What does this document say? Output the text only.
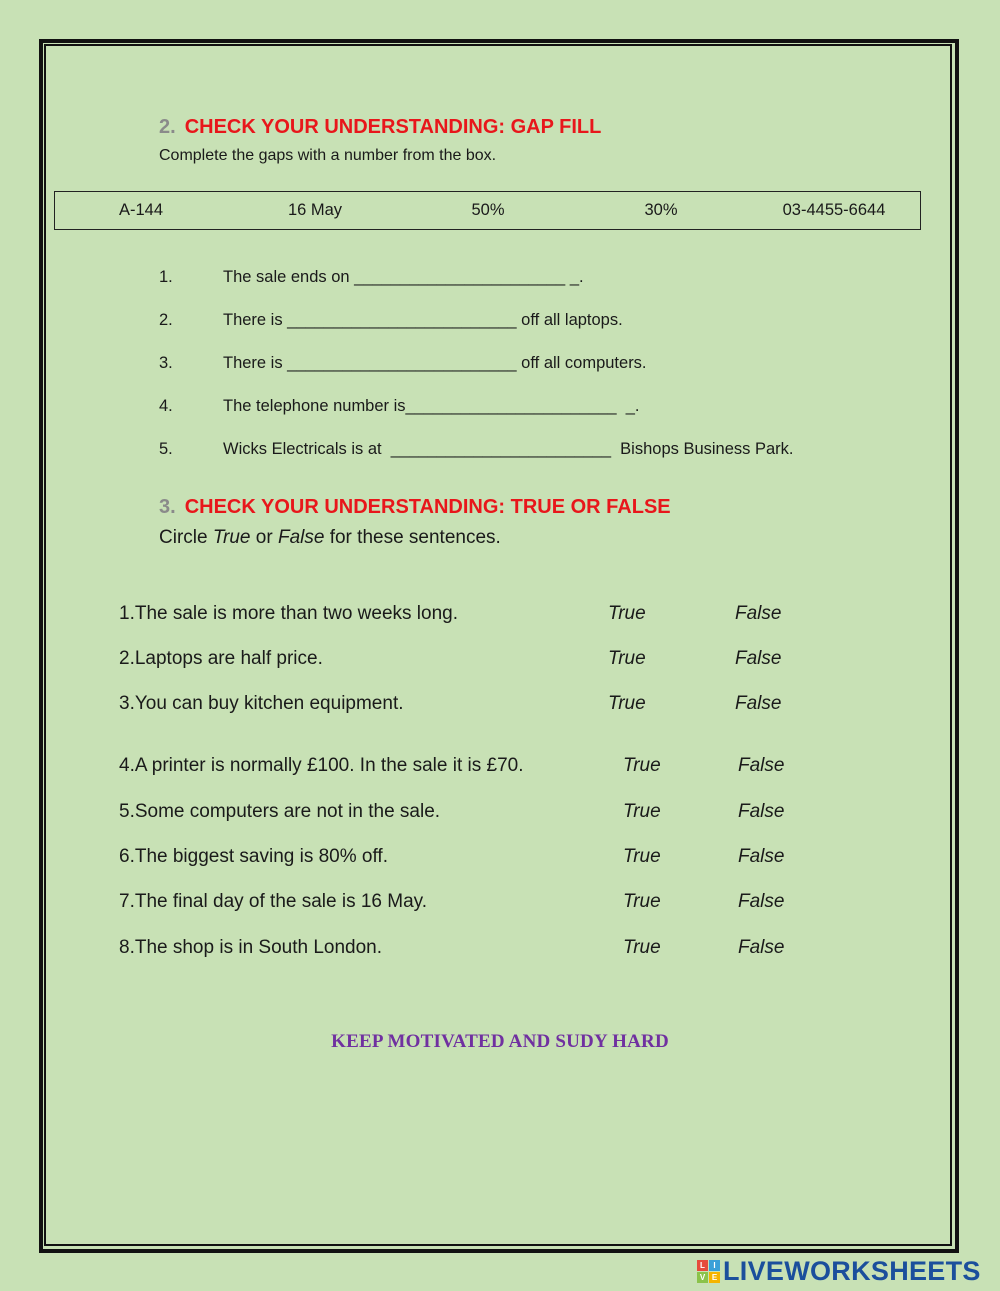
2. CHECK YOUR UNDERSTANDING: GAP FILL
Complete the gaps with a number from the box.
A-144	16 May	50%	30%	03-4455-6644
1.	The sale ends on _______________________ _.
2.	There is _________________________ off all laptops.
3.	There is _________________________ off all computers.
4.	The telephone number is_______________________  _.
5.	Wicks Electricals is at  ________________________  Bishops Business Park.
3. CHECK YOUR UNDERSTANDING: TRUE OR FALSE
Circle True or False for these sentences.
1.The sale is more than two weeks long.	True	False
2.Laptops are half price.	True	False
3.You can buy kitchen equipment.	True	False
4.A printer is normally £100. In the sale it is £70.	True	False
5.Some computers are not in the sale.	True	False
6.The biggest saving is 80% off.	True	False
7.The final day of the sale is 16 May.	True	False
8.The shop is in South London.	True	False
KEEP MOTIVATED AND SUDY HARD
L	I
V E LIVEWORKSHEETS
